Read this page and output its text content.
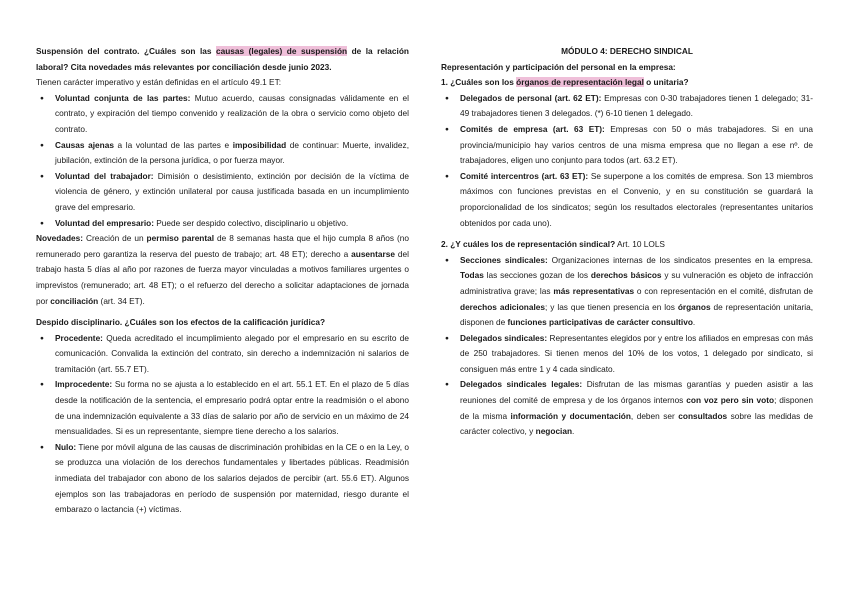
Suspensión del contrato. ¿Cuáles son las causas (legales) de suspensión de la relación laboral? Cita novedades más relevantes por conciliación desde junio 2023.

Tienen carácter imperativo y están definidas en el artículo 49.1 ET:

● Voluntad conjunta de las partes: Mutuo acuerdo, causas consignadas válidamente en el contrato, y expiración del tiempo convenido y realización de la obra o servicio como objeto del contrato.
● Causas ajenas a la voluntad de las partes e imposibilidad de continuar: Muerte, invalidez, jubilación, extinción de la persona jurídica, o por fuerza mayor.
● Voluntad del trabajador: Dimisión o desistimiento, extinción por decisión de la víctima de violencia de género, y extinción unilateral por causa justificada basada en un incumplimiento grave del empresario.
● Voluntad del empresario: Puede ser despido colectivo, disciplinario u objetivo.

Novedades: Creación de un permiso parental de 8 semanas hasta que el hijo cumpla 8 años (no remunerado pero garantiza la reserva del puesto de trabajo; art. 48 ET); derecho a ausentarse del trabajo hasta 5 días al año por razones de fuerza mayor vinculadas a motivos familiares urgentes o imprevistos (remunerado; art. 48 ET); o el refuerzo del derecho a solicitar adaptaciones de jornada por conciliación (art. 34 ET).

Despido disciplinario. ¿Cuáles son los efectos de la calificación jurídica?

● Procedente: Queda acreditado el incumplimiento alegado por el empresario en su escrito de comunicación. Convalida la extinción del contrato, sin derecho a indemnización ni salarios de tramitación (art. 55.7 ET).
● Improcedente: Su forma no se ajusta a lo establecido en el art. 55.1 ET. En el plazo de 5 días desde la notificación de la sentencia, el empresario podrá optar entre la readmisión o el abono de una indemnización equivalente a 33 días de salario por año de servicio en un máximo de 24 mensualidades. Si es un representante, siempre tiene derecho a los salarios.
● Nulo: Tiene por móvil alguna de las causas de discriminación prohibidas en la CE o en la Ley, o se produzca una violación de los derechos fundamentales y libertades públicas. Readmisión inmediata del trabajador con abono de los salarios dejados de percibir (art. 55.6 ET). Algunos ejemplos son las trabajadoras en período de suspensión por maternidad, riesgo durante el embarazo o lactancia (+) víctimas.

MÓDULO 4: DERECHO SINDICAL

Representación y participación del personal en la empresa:

1. ¿Cuáles son los órganos de representación legal o unitaria?

● Delegados de personal (art. 62 ET): Empresas con 0-30 trabajadores tienen 1 delegado; 31-49 trabajadores tienen 3 delegados. (*) 6-10 tienen 1 delegado.
● Comités de empresa (art. 63 ET): Empresas con 50 o más trabajadores. Si en una provincia/municipio hay varios centros de una misma empresa que no llegan a ese nº. de trabajadores, eligen uno conjunto para todos (art. 63.2 ET).
● Comité intercentros (art. 63 ET): Se superpone a los comités de empresa. Son 13 miembros máximos con funciones previstas en el Convenio, y en su constitución se guardará la proporcionalidad de los sindicatos; según los resultados electorales (representantes unitarios obtenidos por cada uno).

2. ¿Y cuáles los de representación sindical? Art. 10 LOLS

● Secciones sindicales: Organizaciones internas de los sindicatos presentes en la empresa. Todas las secciones gozan de los derechos básicos y su vulneración es objeto de infracción administrativa grave; las más representativas o con representación en el comité, disfrutan de derechos adicionales; y las que tienen presencia en los órganos de representación unitaria, disponen de funciones participativas de carácter consultivo.
● Delegados sindicales: Representantes elegidos por y entre los afiliados en empresas con más de 250 trabajadores. Si tienen menos del 10% de los votos, 1 delegado por sindicato, si consiguen más entre 1 y 4 cada sindicato.
● Delegados sindicales legales: Disfrutan de las mismas garantías y pueden asistir a las reuniones del comité de empresa y de los órganos internos con voz pero sin voto; disponen de la misma información y documentación, deben ser consultados sobre las medidas de carácter colectivo, y negocian.
